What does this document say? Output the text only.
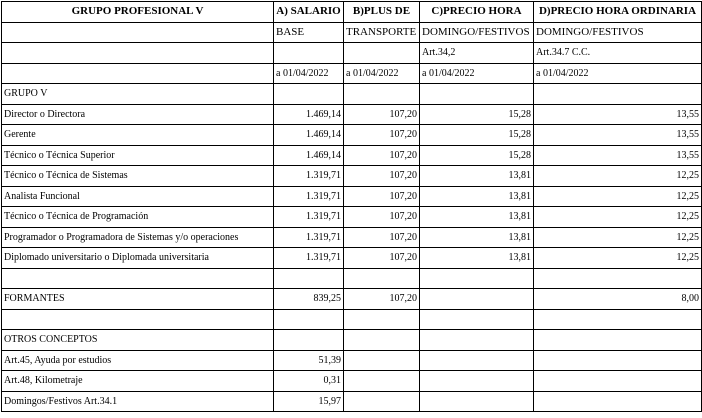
GRUPO PROFESIONAL V	A) SALARIO	B)PLUS DE	C)PRECIO HORA	D)PRECIO HORA ORDINARIA
	BASE	TRANSPORTE	DOMINGO/FESTIVOS	DOMINGO/FESTIVOS
			Art.34,2	Art.34.7 C.C.
	a 01/04/2022	a 01/04/2022	a 01/04/2022	a 01/04/2022
GRUPO V				
Director o Directora	1.469,14	107,20	15,28	13,55
Gerente	1.469,14	107,20	15,28	13,55
Técnico o Técnica Superior	1.469,14	107,20	15,28	13,55
Técnico o Técnica de Sistemas	1.319,71	107,20	13,81	12,25
Analista Funcional	1.319,71	107,20	13,81	12,25
Técnico o Técnica de Programación	1.319,71	107,20	13,81	12,25
Programador o Programadora de Sistemas y/o operaciones	1.319,71	107,20	13,81	12,25
Diplomado universitario o Diplomada universitaria	1.319,71	107,20	13,81	12,25

FORMANTES	839,25	107,20		8,00

OTROS CONCEPTOS				
Art.45, Ayuda por estudios	51,39			
Art.48, Kilometraje	0,31			
Domingos/Festivos Art.34.1	15,97			
